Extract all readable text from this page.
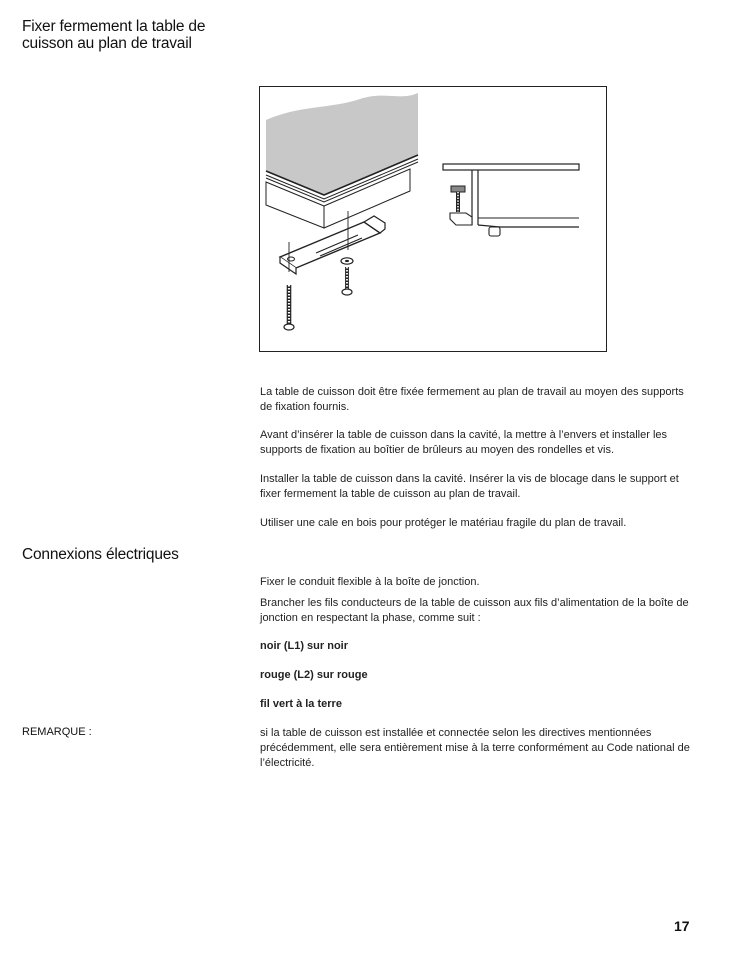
Fixer fermement la table de cuisson au plan de travail

La table de cuisson doit être fixée fermement au plan de travail au moyen des supports de fixation fournis.

Avant d’insérer la table de cuisson dans la cavité, la mettre à l’envers et installer les supports de fixation au boîtier de brûleurs au moyen des rondelles et vis.

Installer la table de cuisson dans la cavité. Insérer la vis de blocage dans le support et fixer fermement la table de cuisson au plan de travail.

Utiliser une cale en bois pour protéger le matériau fragile du plan de travail.

Connexions électriques

Fixer le conduit flexible à la boîte de jonction.

Brancher les fils conducteurs de la table de cuisson aux fils d’alimentation de la boîte de jonction en respectant la phase, comme suit :

noir (L1) sur noir

rouge (L2) sur rouge

fil vert à la terre

REMARQUE :	si la table de cuisson est installée et connectée selon les directives mentionnées précédemment, elle sera entièrement mise à la terre conformément au Code national de l’électricité.

17
